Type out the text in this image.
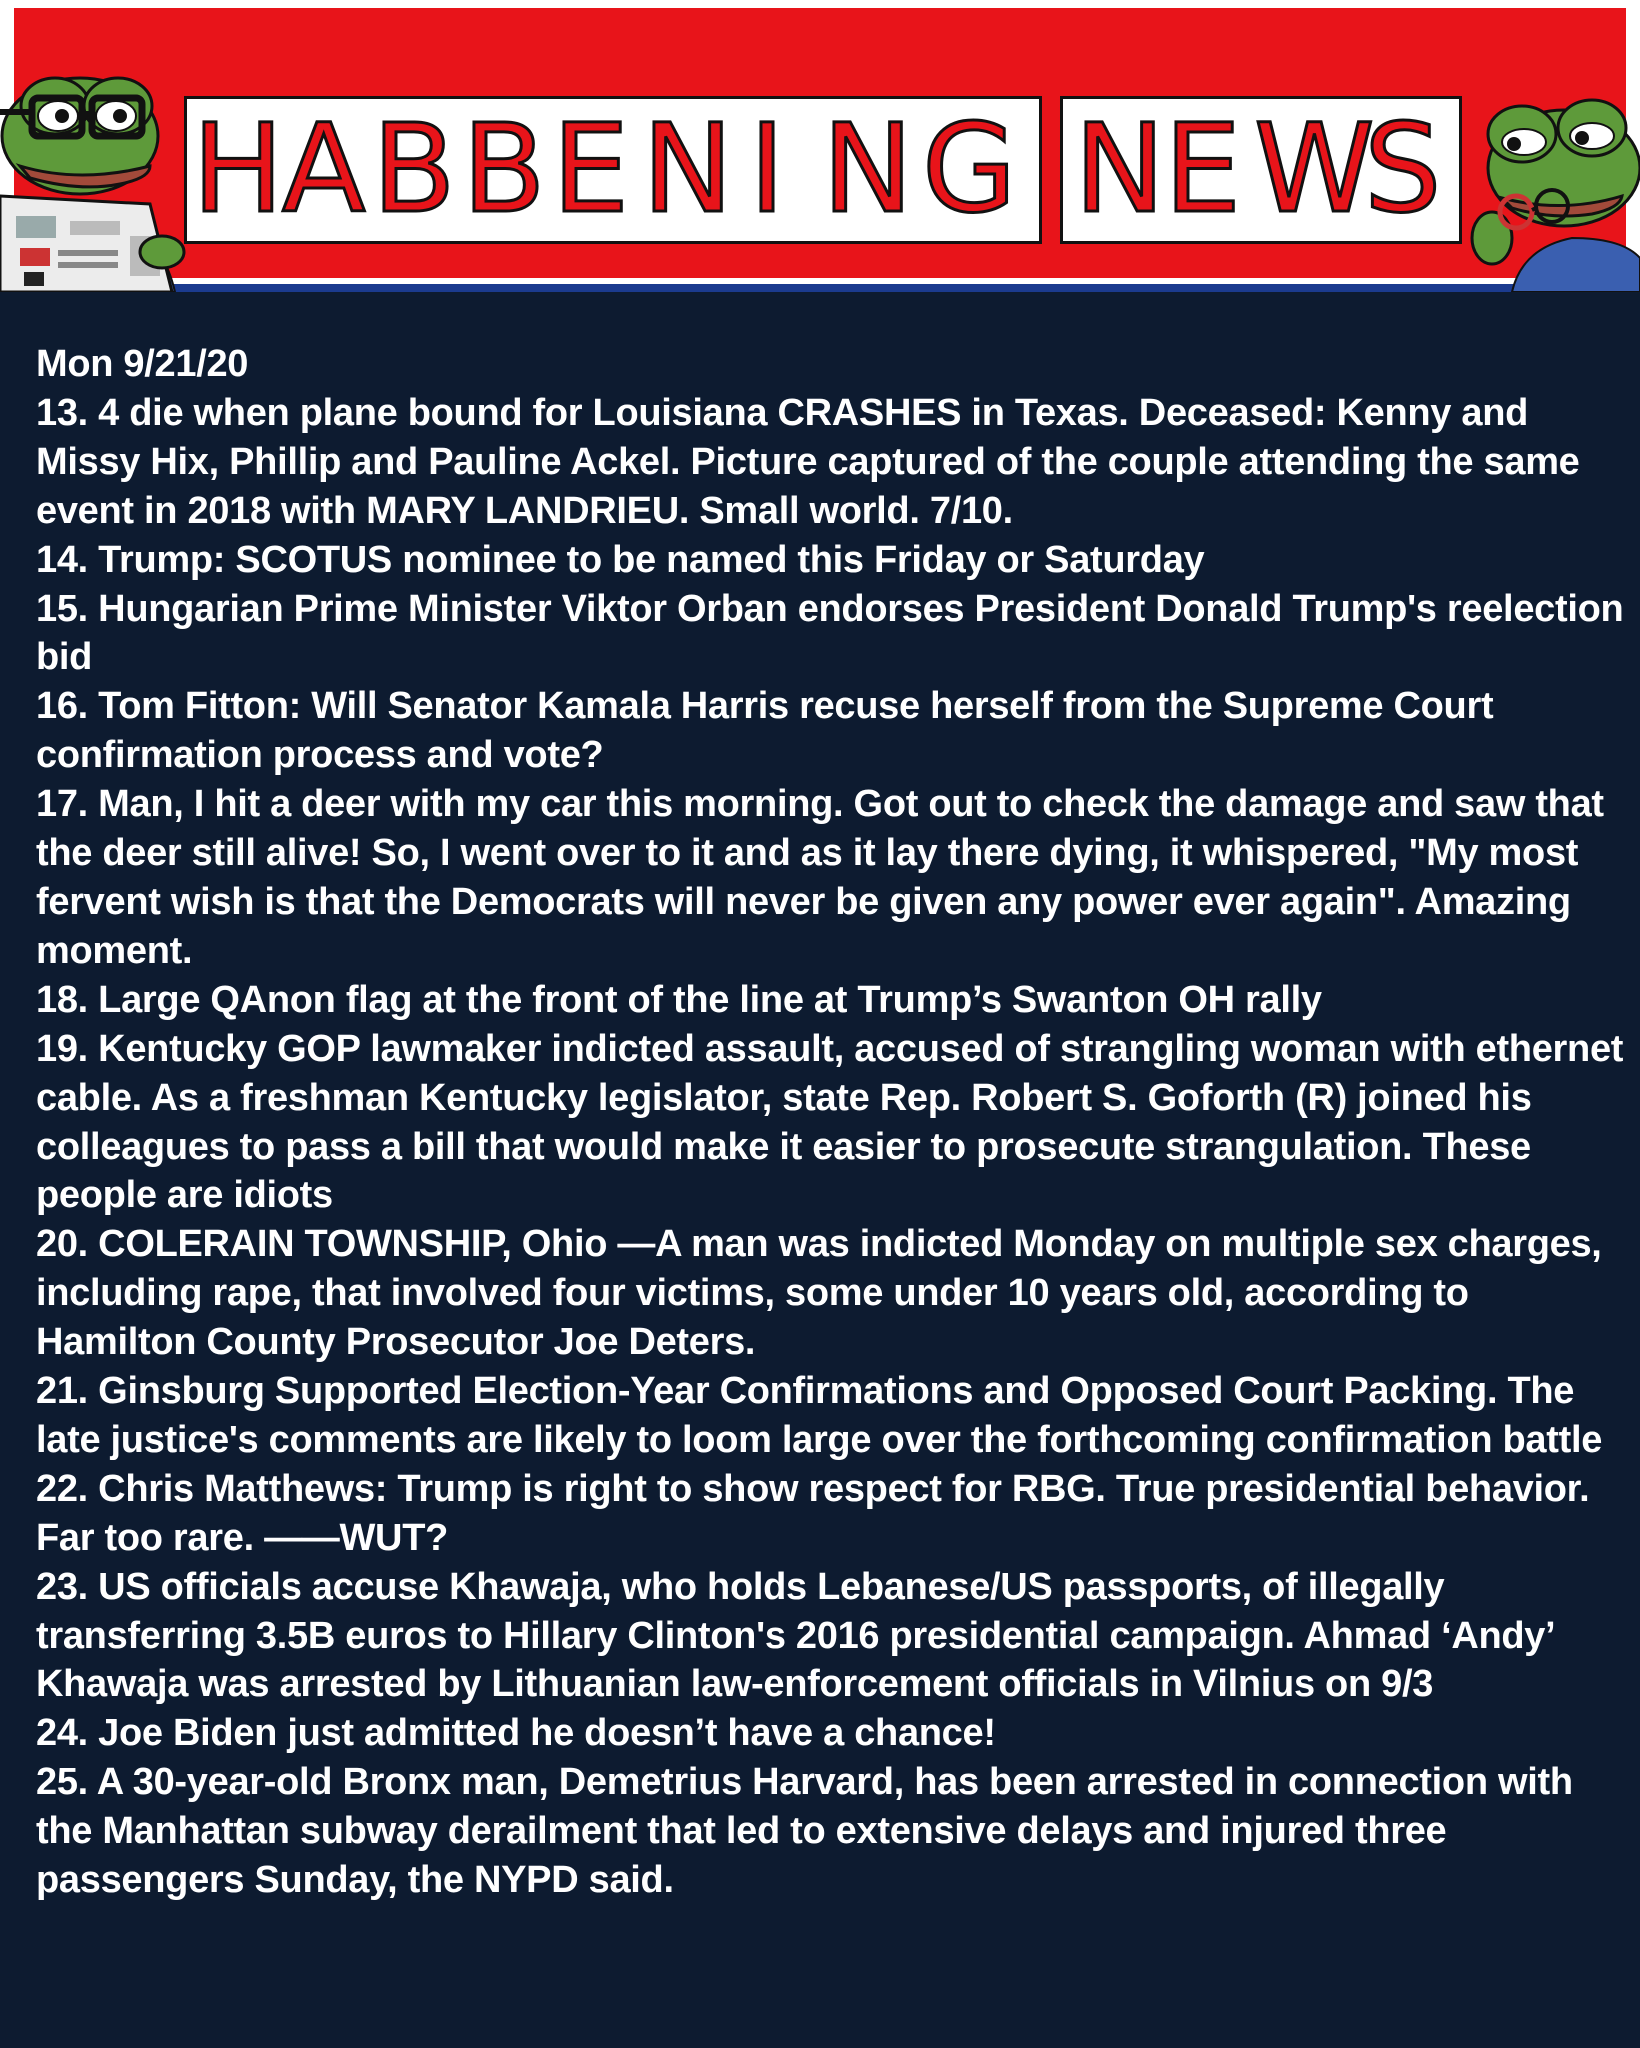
H
A B B E N I N G N
E W
S

Mon 9/21/20

13. 4 die when plane bound for Louisiana CRASHES in Texas. Deceased: Kenny and Missy Hix, Phillip and Pauline Ackel. Picture captured of the couple attending the same event in 2018 with MARY LANDRIEU. Small world. 7/10.

14. Trump: SCOTUS nominee to be named this Friday or Saturday

15. Hungarian Prime Minister Viktor Orban endorses President Donald Trump's reelection bid

16. Tom Fitton: Will Senator Kamala Harris recuse herself from the Supreme Court confirmation process and vote?

17. Man, I hit a deer with my car this morning. Got out to check the damage and saw that the deer still alive! So, I went over to it and as it lay there dying, it whispered, "My most fervent wish is that the Democrats will never be given any power ever again". Amazing moment.

18. Large QAnon flag at the front of the line at Trump’s Swanton OH rally

19. Kentucky GOP lawmaker indicted assault, accused of strangling woman with ethernet cable. As a freshman Kentucky legislator, state Rep. Robert S. Goforth (R) joined his colleagues to pass a bill that would make it easier to prosecute strangulation. These people are idiots

20. COLERAIN TOWNSHIP, Ohio —A man was indicted Monday on multiple sex charges, including rape, that involved four victims, some under 10 years old, according to Hamilton County Prosecutor Joe Deters.

21. Ginsburg Supported Election-Year Confirmations and Opposed Court Packing. The late justice's comments are likely to loom large over the forthcoming confirmation battle

22. Chris Matthews: Trump is right to show respect for RBG. True presidential behavior. Far too rare. ——WUT?

23. US officials accuse Khawaja, who holds Lebanese/US passports, of illegally transferring 3.5B euros to Hillary Clinton's 2016 presidential campaign. Ahmad ‘Andy’ Khawaja was arrested by Lithuanian law-enforcement officials in Vilnius on 9/3

24. Joe Biden just admitted he doesn’t have a chance!

25. A 30-year-old Bronx man, Demetrius Harvard, has been arrested in connection with the Manhattan subway derailment that led to extensive delays and injured three passengers Sunday, the NYPD said.
